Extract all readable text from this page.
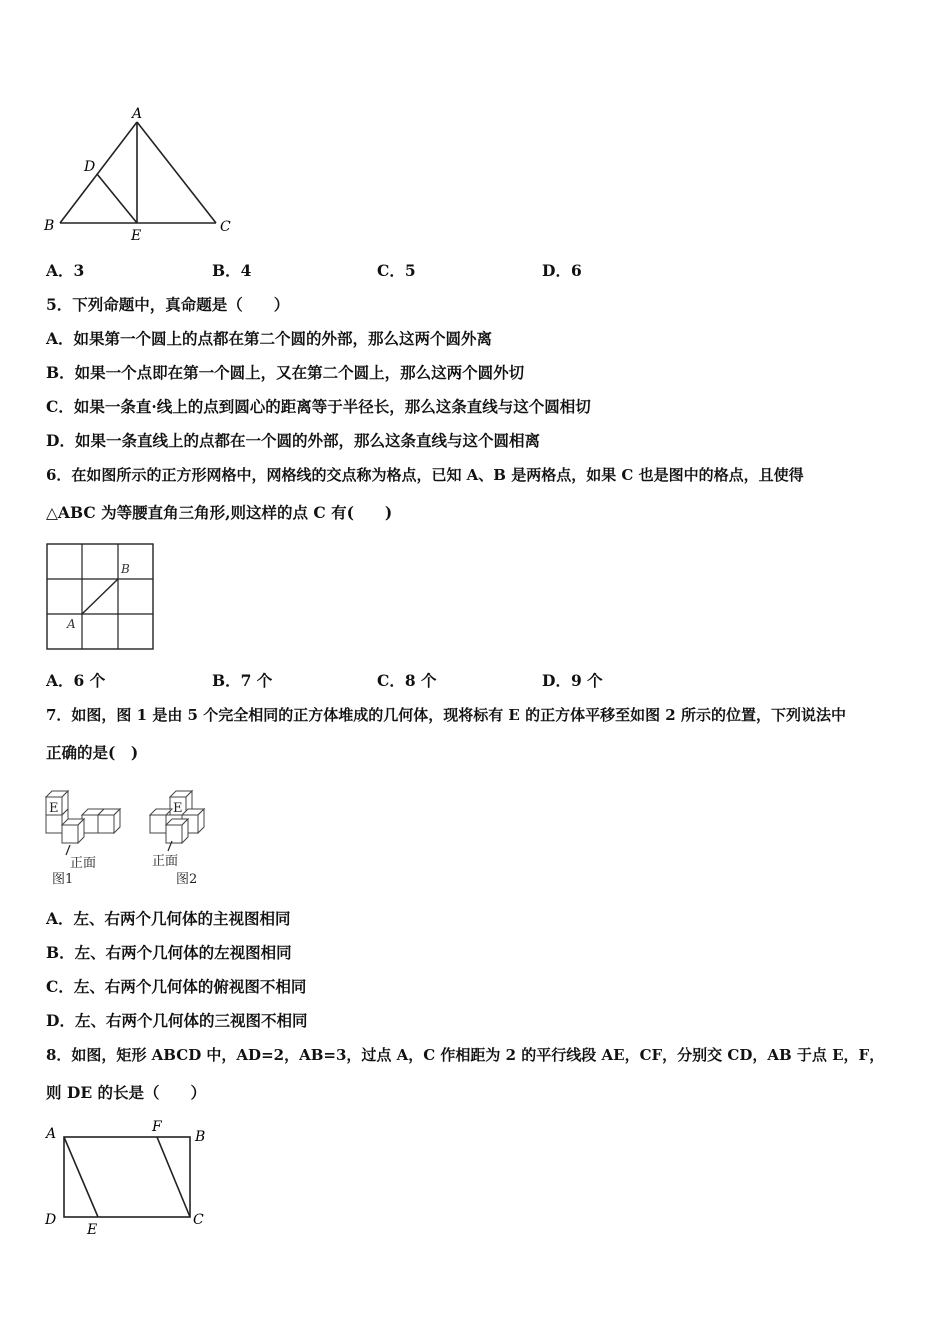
A
D
B
E
C
A．3	B．4	C．5	D．6
5．下列命题中，真命题是（　　）
A．如果第一个圆上的点都在第二个圆的外部，那么这两个圆外离
B．如果一个点即在第一个圆上，又在第二个圆上，那么这两个圆外切
C．如果一条直·线上的点到圆心的距离等于半径长，那么这条直线与这个圆相切
D．如果一条直线上的点都在一个圆的外部，那么这条直线与这个圆相离
6．在如图所示的正方形网格中，网格线的交点称为格点，已知 A、B 是两格点，如果 C 也是图中的格点，且使得
△ABC 为等腰直角三角形,则这样的点 C 有(　　)
A
B
A．6 个	B．7 个	C．8 个	D．9 个
7．如图，图 1 是由 5 个完全相同的正方体堆成的几何体，现将标有 E 的正方体平移至如图 2 所示的位置，下列说法中
正确的是(　)
E
正面
图1
E
正面
图2
A．左、右两个几何体的主视图相同
B．左、右两个几何体的左视图相同
C．左、右两个几何体的俯视图不相同
D．左、右两个几何体的三视图不相同
8．如图，矩形 ABCD 中，AD=2，AB=3，过点 A，C 作相距为 2 的平行线段 AE，CF，分别交 CD，AB 于点 E，F，
则 DE 的长是（　　）
A	F
B
D
E
C
